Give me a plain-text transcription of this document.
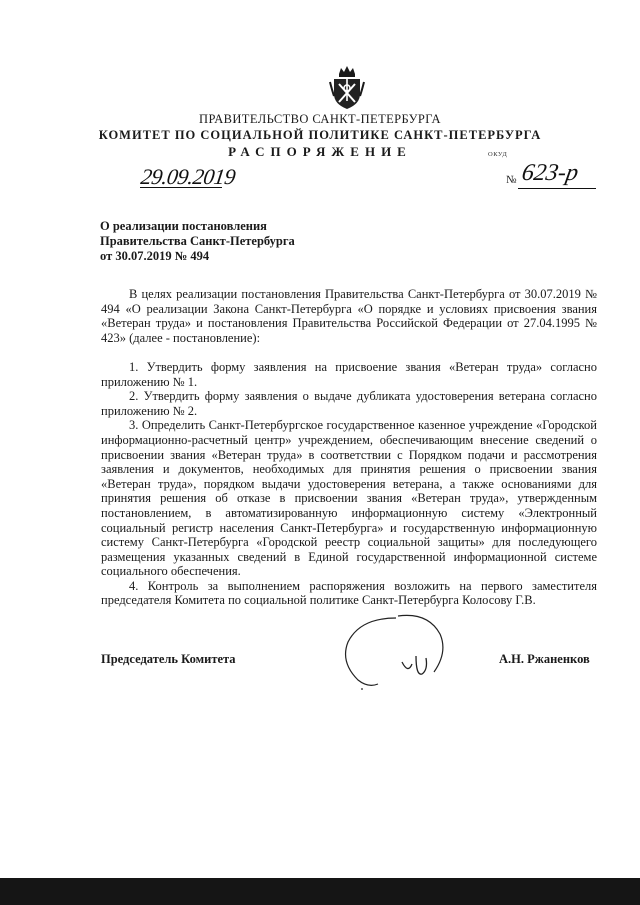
ПРАВИТЕЛЬСТВО САНКТ-ПЕТЕРБУРГА
КОМИТЕТ ПО СОЦИАЛЬНОЙ ПОЛИТИКЕ САНКТ-ПЕТЕРБУРГА
РАСПОРЯЖЕНИЕ	ОКУД
29.09.2019	№ 623-р
О реализации постановления
Правительства Санкт-Петербурга
от 30.07.2019 № 494

В целях реализации постановления Правительства Санкт-Петербурга от 30.07.2019 № 494 «О реализации Закона Санкт-Петербурга «О порядке и условиях присвоения звания «Ветеран труда» и постановления Правительства Российской Федерации от 27.04.1995 № 423» (далее - постановление):

1. Утвердить форму заявления на присвоение звания «Ветеран труда» согласно приложению № 1.

2. Утвердить форму заявления о выдаче дубликата удостоверения ветерана согласно приложению № 2.

3. Определить Санкт-Петербургское государственное казенное учреждение «Городской информационно-расчетный центр» учреждением, обеспечивающим внесение сведений о присвоении звания «Ветеран труда» в соответствии с Порядком подачи и рассмотрения заявления и документов, необходимых для принятия решения о присвоении звания «Ветеран труда», порядком выдачи удостоверения ветерана, а также основаниями для принятия решения об отказе в присвоении звания «Ветеран труда», утвержденным постановлением, в автоматизированную информационную систему «Электронный социальный регистр населения Санкт-Петербурга» и государственную информационную систему Санкт-Петербурга «Городской реестр социальной защиты» для последующего размещения указанных сведений в Единой государственной информационной системе социального обеспечения.

4. Контроль за выполнением распоряжения возложить на первого заместителя председателя Комитета по социальной политике Санкт-Петербурга Колосову Г.В.

Председатель Комитета	А.Н. Ржаненков
